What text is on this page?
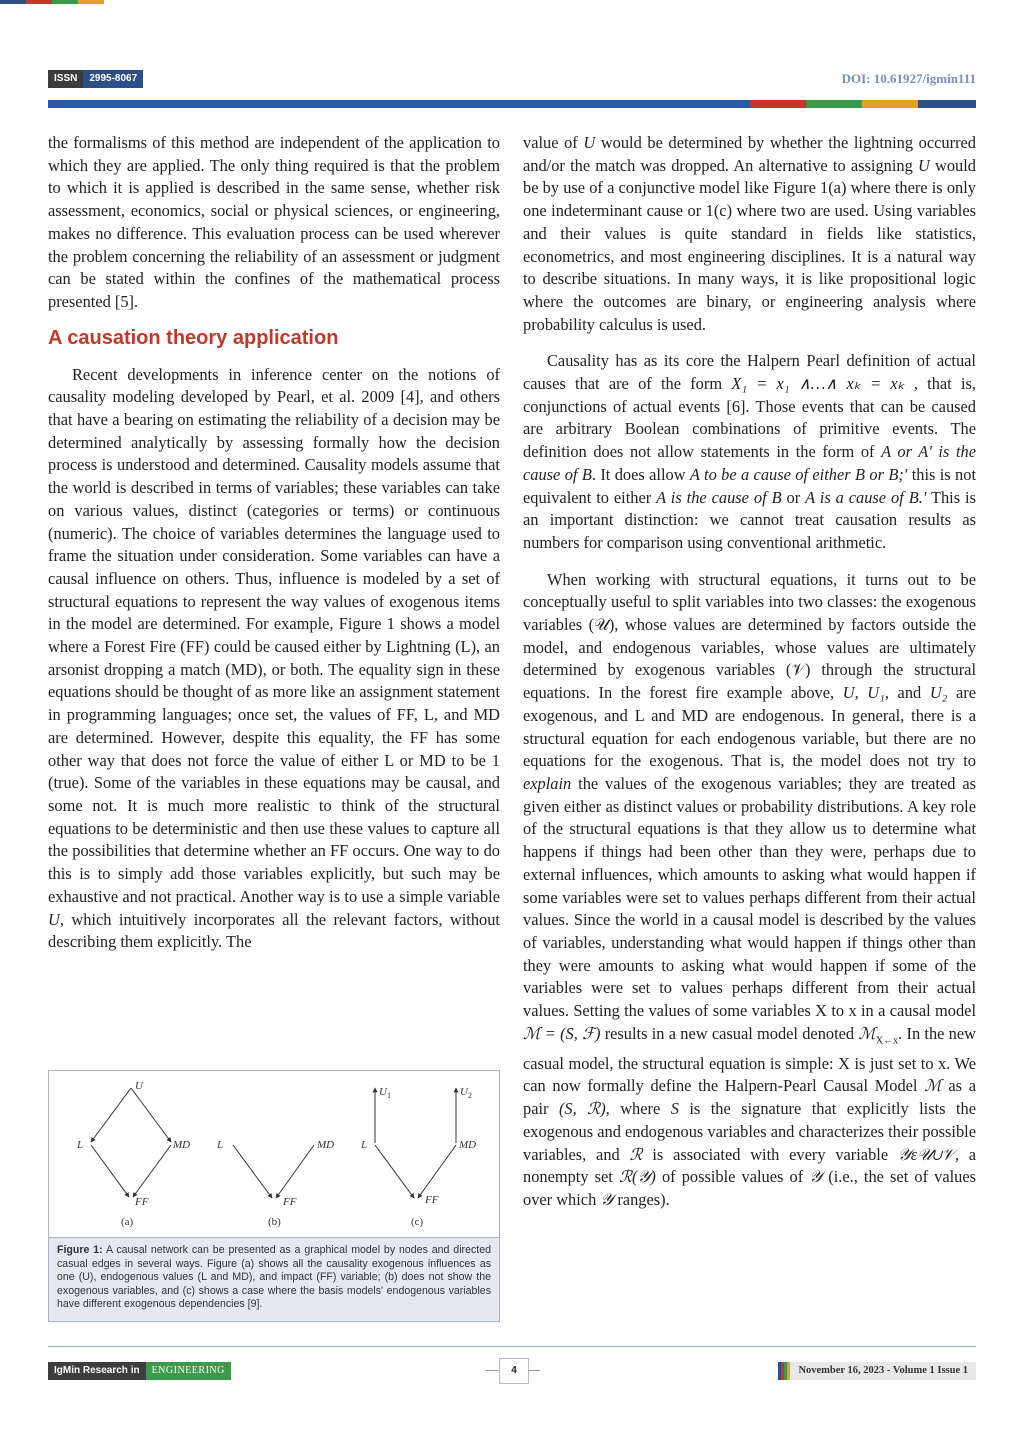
ISSN	2995-8067	DOI: 10.61927/igmin111

the formalisms of this method are independent of the application to which they are applied. The only thing required is that the problem to which it is applied is described in the same sense, whether risk assessment, economics, social or physical sciences, or engineering, makes no difference. This evaluation process can be used wherever the problem concerning the reliability of an assessment or judgment can be stated within the confines of the mathematical process presented [5].

A causation theory application

Recent developments in inference center on the notions of causality modeling developed by Pearl, et al. 2009 [4], and others that have a bearing on estimating the reliability of a decision may be determined analytically by assessing formally how the decision process is understood and determined. Causality models assume that the world is described in terms of variables; these variables can take on various values, distinct (categories or terms) or continuous (numeric). The choice of variables determines the language used to frame the situation under consideration. Some variables can have a causal influence on others. Thus, influence is modeled by a set of structural equations to represent the way values of exogenous items in the model are determined. For example, Figure 1 shows a model where a Forest Fire (FF) could be caused either by Lightning (L), an arsonist dropping a match (MD), or both. The equality sign in these equations should be thought of as more like an assignment statement in programming languages; once set, the values of FF, L, and MD are determined. However, despite this equality, the FF has some other way that does not force the value of either L or MD to be 1 (true). Some of the variables in these equations may be causal, and some not. It is much more realistic to think of the structural equations to be deterministic and then use these values to capture all the possibilities that determine whether an FF occurs. One way to do this is to simply add those variables explicitly, but such may be exhaustive and not practical. Another way is to use a simple variable U, which intuitively incorporates all the relevant factors, without describing them explicitly. The

U
L	MD
FF
(a)
L	MD
FF
(b)
$U_1$	$U_2$
L	MD
FF
(c)
Figure 1: A causal network can be presented as a graphical model by nodes and directed casual edges in several ways. Figure (a) shows all the causality exogenous influences as one (U), endogenous values (L and MD), and impact (FF) variable; (b) does not show the exogenous variables, and (c) shows a case where the basis models' endogenous variables have different exogenous dependencies [9].

value of U would be determined by whether the lightning occurred and/or the match was dropped. An alternative to assigning U would be by use of a conjunctive model like Figure 1(a) where there is only one indeterminant cause or 1(c) where two are used. Using variables and their values is quite standard in fields like statistics, econometrics, and most engineering disciplines. It is a natural way to describe situations. In many ways, it is like propositional logic where the outcomes are binary, or engineering analysis where probability calculus is used.

Causality has as its core the Halpern Pearl definition of actual causes that are of the form X₁ = x₁ ∧…∧ xₖ = xₖ , that is, conjunctions of actual events [6]. Those events that can be caused are arbitrary Boolean combinations of primitive events. The definition does not allow statements in the form of A or A' is the cause of B. It does allow A to be a cause of either B or B;' this is not equivalent to either A is the cause of B or A is a cause of B.' This is an important distinction: we cannot treat causation results as numbers for comparison using conventional arithmetic.

When working with structural equations, it turns out to be conceptually useful to split variables into two classes: the exogenous variables (𝒰), whose values are determined by factors outside the model, and endogenous variables, whose values are ultimately determined by exogenous variables (𝒱) through the structural equations. In the forest fire example above, U, U₁, and U₂ are exogenous, and L and MD are endogenous. In general, there is a structural equation for each endogenous variable, but there are no equations for the exogenous. That is, the model does not try to explain the values of the exogenous variables; they are treated as given either as distinct values or probability distributions. A key role of the structural equations is that they allow us to determine what happens if things had been other than they were, perhaps due to external influences, which amounts to asking what would happen if some variables were set to values perhaps different from their actual values. Since the world in a causal model is described by the values of variables, understanding what would happen if things other than they were amounts to asking what would happen if some of the variables were set to values perhaps different from their actual values. Setting the values of some variables X to x in a causal model ℳ = (S, ℱ) results in a new casual model denoted ℳ$_{X\leftarrow x}$. In the new casual model, the structural equation is simple: X is just set to x. We can now formally define the Halpern-Pearl Causal Model ℳ as a pair (S, ℛ), where S is the signature that explicitly lists the exogenous and endogenous variables and characterizes their possible variables, and ℛ is associated with every variable 𝒴ε𝒰∪𝒱, a nonempty set ℛ(𝒴) of possible values of 𝒴 (i.e., the set of values over which 𝒴 ranges).

IgMin Research in	ENGINEERING	4	November 16, 2023 - Volume 1 Issue 1
